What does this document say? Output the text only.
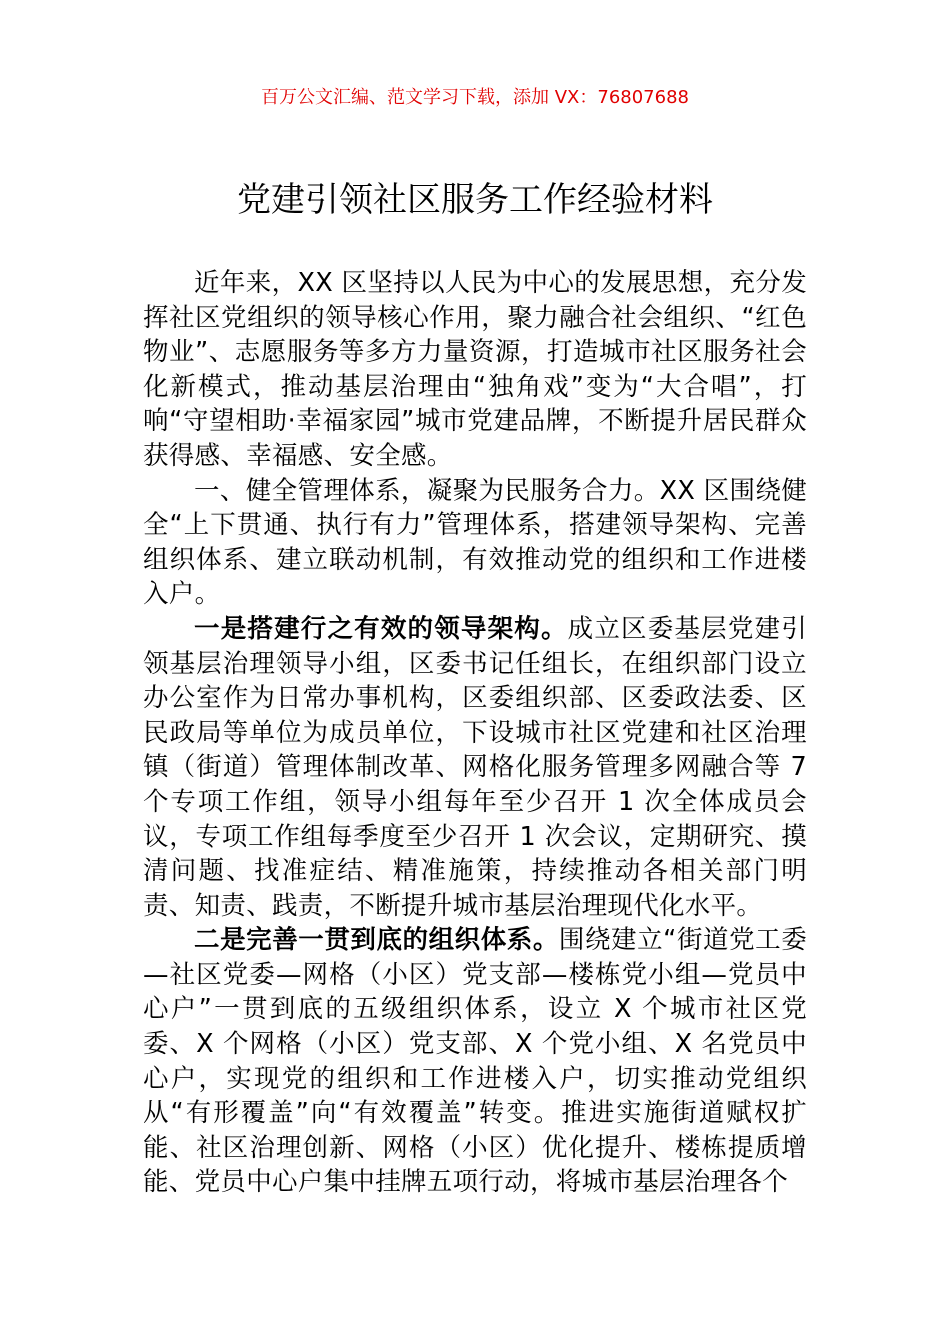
百万公文汇编、范文学习下载，添加 VX：76807688
党建引领社区服务工作经验材料

近年来，XX 区坚持以人民为中心的发展思想，充分发挥社区党组织的领导核心作用，聚力融合社会组织、“红色物业”、志愿服务等多方力量资源，打造城市社区服务社会化新模式，推动基层治理由“独角戏”变为“大合唱”，打响“守望相助·幸福家园”城市党建品牌，不断提升居民群众获得感、幸福感、安全感。

一、健全管理体系，凝聚为民服务合力。XX 区围绕健全“上下贯通、执行有力”管理体系，搭建领导架构、完善组织体系、建立联动机制，有效推动党的组织和工作进楼入户。

一是搭建行之有效的领导架构。成立区委基层党建引领基层治理领导小组，区委书记任组长，在组织部门设立办公室作为日常办事机构，区委组织部、区委政法委、区民政局等单位为成员单位，下设城市社区党建和社区治理镇（街道）管理体制改革、网格化服务管理多网融合等 7 个专项工作组，领导小组每年至少召开 1 次全体成员会议，专项工作组每季度至少召开 1 次会议，定期研究、摸清问题、找准症结、精准施策，持续推动各相关部门明责、知责、践责，不断提升城市基层治理现代化水平。

二是完善一贯到底的组织体系。围绕建立“街道党工委—社区党委—网格（小区）党支部—楼栋党小组—党员中心户”一贯到底的五级组织体系，设立 X 个城市社区党委、X 个网格（小区）党支部、X 个党小组、X 名党员中心户，实现党的组织和工作进楼入户，切实推动党组织从“有形覆盖”向“有效覆盖”转变。推进实施街道赋权扩能、社区治理创新、网格（小区）优化提升、楼栋提质增能、党员中心户集中挂牌五项行动，将城市基层治理各个
